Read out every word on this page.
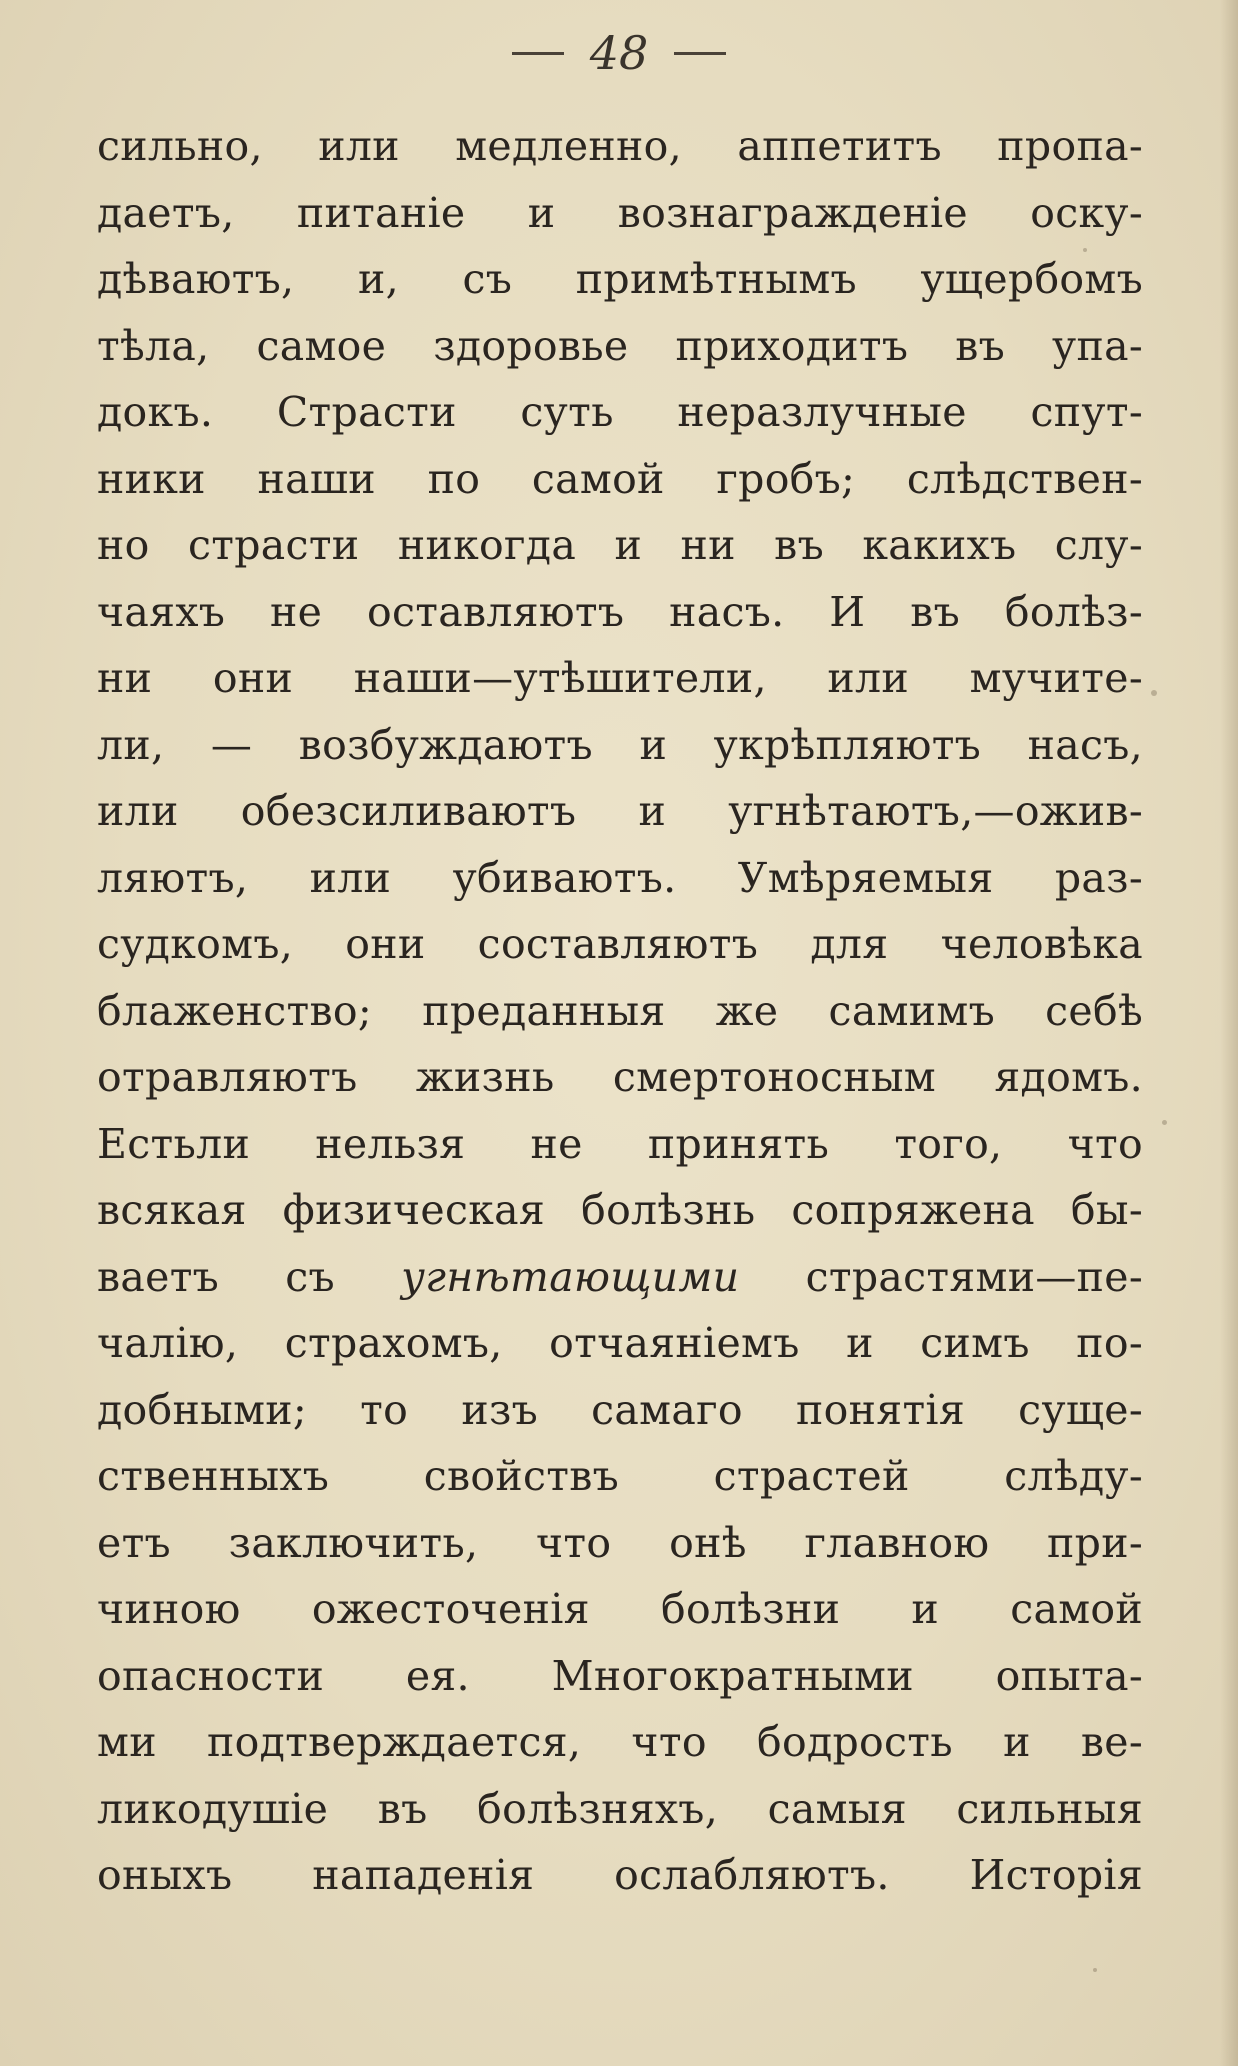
48
сильно, или медленно, аппетитъ пропа-
даетъ, питаніе и вознагражденіе оску-
дѣваютъ, и, съ примѣтнымъ ущербомъ
тѣла, самое здоровье приходитъ въ упа-
докъ. Страсти суть неразлучные спут-
ники наши по самой гробъ; слѣдствен-
но страсти никогда и ни въ какихъ слу-
чаяхъ не оставляютъ насъ. И въ болѣз-
ни они наши—утѣшители, или мучите-
ли, — возбуждаютъ и укрѣпляютъ насъ,
или обезсиливаютъ и угнѣтаютъ,—ожив-
ляютъ, или убиваютъ. Умѣряемыя раз-
судкомъ, они составляютъ для человѣка
блаженство; преданныя же самимъ себѣ
отравляютъ жизнь смертоносным ядомъ.
Естьли нельзя не принять того, что
всякая физическая болѣзнь сопряжена бы-
ваетъ съ угнѣтающими страстями—пе-
чалію, страхомъ, отчаяніемъ и симъ по-
добными; то изъ самаго понятія суще-
ственныхъ свойствъ страстей слѣду-
етъ заключить, что онѣ главною при-
чиною ожесточенія болѣзни и самой
опасности ея. Многократными опыта-
ми подтверждается, что бодрость и ве-
ликодушіе въ болѣзняхъ, самыя сильныя
оныхъ нападенія ослабляютъ. Исторія
